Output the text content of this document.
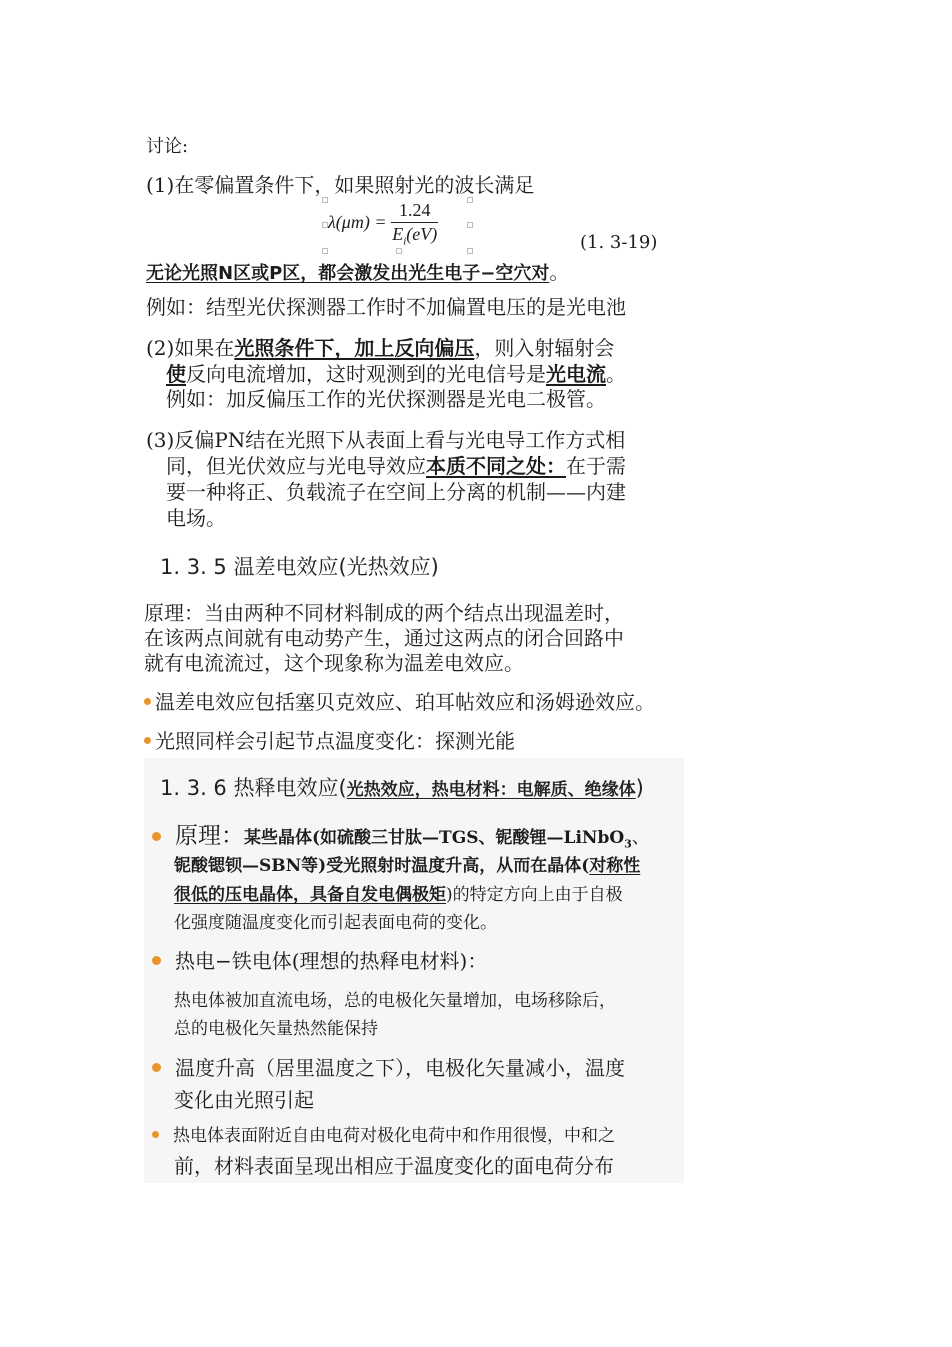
讨论:
(1)在零偏置条件下，如果照射光的波长满足
$\lambda(\mu m) = \frac{1.24}{E_i(eV)}$	(1. 3-19)
无论光照N区或P区，都会激发出光生电子−空穴对。
例如：结型光伏探测器工作时不加偏置电压的是光电池
(2)如果在光照条件下，加上反向偏压，则入射辐射会
使反向电流增加，这时观测到的光电信号是光电流。
例如：加反偏压工作的光伏探测器是光电二极管。
(3)反偏PN结在光照下从表面上看与光电导工作方式相
同，但光伏效应与光电导效应本质不同之处：在于需
要一种将正、负载流子在空间上分离的机制——内建
电场。
1. 3. 5 温差电效应(光热效应)
原理：当由两种不同材料制成的两个结点出现温差时，
在该两点间就有电动势产生，通过这两点的闭合回路中
就有电流流过，这个现象称为温差电效应。
温差电效应包括塞贝克效应、珀耳帖效应和汤姆逊效应。
光照同样会引起节点温度变化：探测光能
1. 3. 6 热释电效应(光热效应，热电材料：电解质、绝缘体)
原理：某些晶体(如硫酸三甘肽—TGS、铌酸锂—LiNbO$_3$、
铌酸锶钡—SBN等)受光照射时温度升高，从而在晶体(对称性
很低的压电晶体，具备自发电偶极矩)的特定方向上由于自极
化强度随温度变化而引起表面电荷的变化。
热电−铁电体(理想的热释电材料)：
热电体被加直流电场，总的电极化矢量增加，电场移除后，
总的电极化矢量热然能保持
温度升高（居里温度之下），电极化矢量减小，温度
变化由光照引起
热电体表面附近自由电荷对极化电荷中和作用很慢，中和之
前，材料表面呈现出相应于温度变化的面电荷分布
